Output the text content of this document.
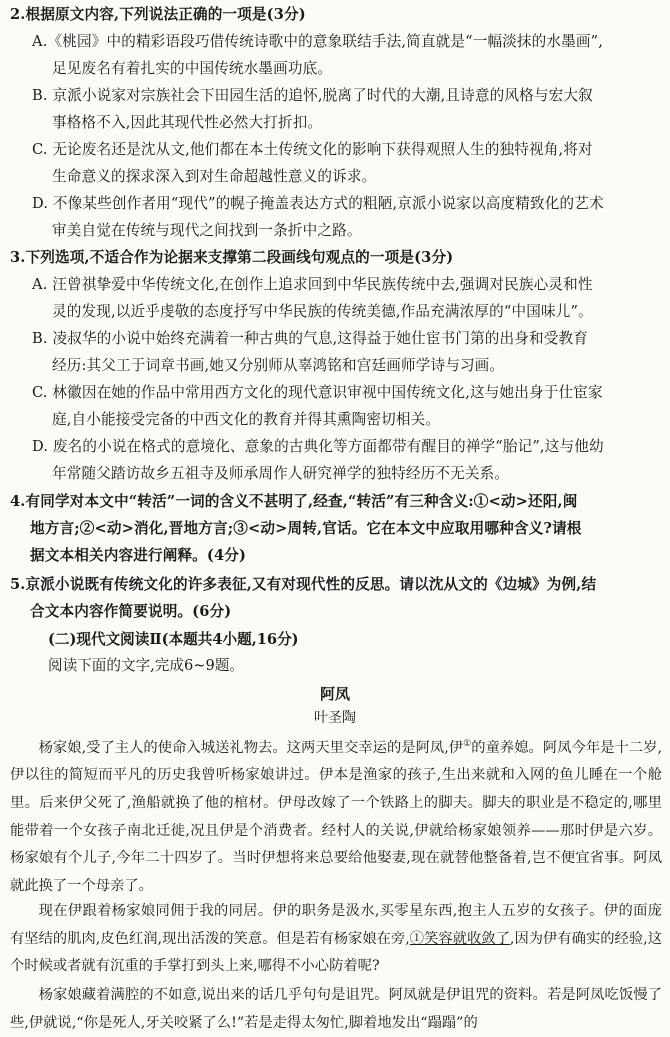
2.根据原文内容,下列说法正确的一项是(3分)
A.《桃园》中的精彩语段巧借传统诗歌中的意象联结手法,简直就是“一幅淡抹的水墨画”,
足见废名有着扎实的中国传统水墨画功底。
B. 京派小说家对宗族社会下田园生活的追怀,脱离了时代的大潮,且诗意的风格与宏大叙
事格格不入,因此其现代性必然大打折扣。
C. 无论废名还是沈从文,他们都在本土传统文化的影响下获得观照人生的独特视角,将对
生命意义的探求深入到对生命超越性意义的诉求。
D. 不像某些创作者用“现代”的幌子掩盖表达方式的粗陋,京派小说家以高度精致化的艺术
审美自觉在传统与现代之间找到一条折中之路。
3.下列选项,不适合作为论据来支撑第二段画线句观点的一项是(3分)
A. 汪曾祺挚爱中华传统文化,在创作上追求回到中华民族传统中去,强调对民族心灵和性
灵的发现,以近乎虔敬的态度抒写中华民族的传统美德,作品充满浓厚的“中国味儿”。
B. 凌叔华的小说中始终充满着一种古典的气息,这得益于她仕宦书门第的出身和受教育
经历:其父工于词章书画,她又分别师从辜鸿铭和宫廷画师学诗与习画。
C. 林徽因在她的作品中常用西方文化的现代意识审视中国传统文化,这与她出身于仕宦家
庭,自小能接受完备的中西文化的教育并得其熏陶密切相关。
D. 废名的小说在格式的意境化、意象的古典化等方面都带有醒目的禅学“胎记”,这与他幼
年常随父踏访故乡五祖寺及师承周作人研究禅学的独特经历不无关系。
4.有同学对本文中“转活”一词的含义不甚明了,经查,“转活”有三种含义:①<动>还阳,闽
地方言;②<动>消化,晋地方言;③<动>周转,官话。它在本文中应取用哪种含义?请根
据文本相关内容进行阐释。(4分)
5.京派小说既有传统文化的许多表征,又有对现代性的反思。请以沈从文的《边城》为例,结
合文本内容作简要说明。(6分)
(二)现代文阅读Ⅱ(本题共4小题,16分)
阅读下面的文字,完成6~9题。
阿凤
叶圣陶
杨家娘,受了主人的使命入城送礼物去。这两天里交幸运的是阿凤,伊①的童养媳。阿凤今年是十二岁,伊以往的简短而平凡的历史我曾听杨家娘讲过。伊本是渔家的孩子,生出来就和入网的鱼儿睡在一个舱里。后来伊父死了,渔船就换了他的棺材。伊母改嫁了一个铁路上的脚夫。脚夫的职业是不稳定的,哪里能带着一个女孩子南北迁徙,况且伊是个消费者。经村人的关说,伊就给杨家娘领养——那时伊是六岁。杨家娘有个儿子,今年二十四岁了。当时伊想将来总要给他娶妻,现在就替他整备着,岂不便宜省事。阿凤就此换了一个母亲了。
现在伊跟着杨家娘同佣于我的同居。伊的职务是汲水,买零星东西,抱主人五岁的女孩子。伊的面庞有坚结的肌肉,皮色红润,现出活泼的笑意。但是若有杨家娘在旁,①笑容就收敛了,因为伊有确实的经验,这个时候或者就有沉重的手掌打到头上来,哪得不小心防着呢?
杨家娘藏着满腔的不如意,说出来的话几乎句句是诅咒。阿凤就是伊诅咒的资料。若是阿凤吃饭慢了些,伊就说,“你是死人,牙关咬紧了么!”若是走得太匆忙,脚着地发出“蹋蹋”的
